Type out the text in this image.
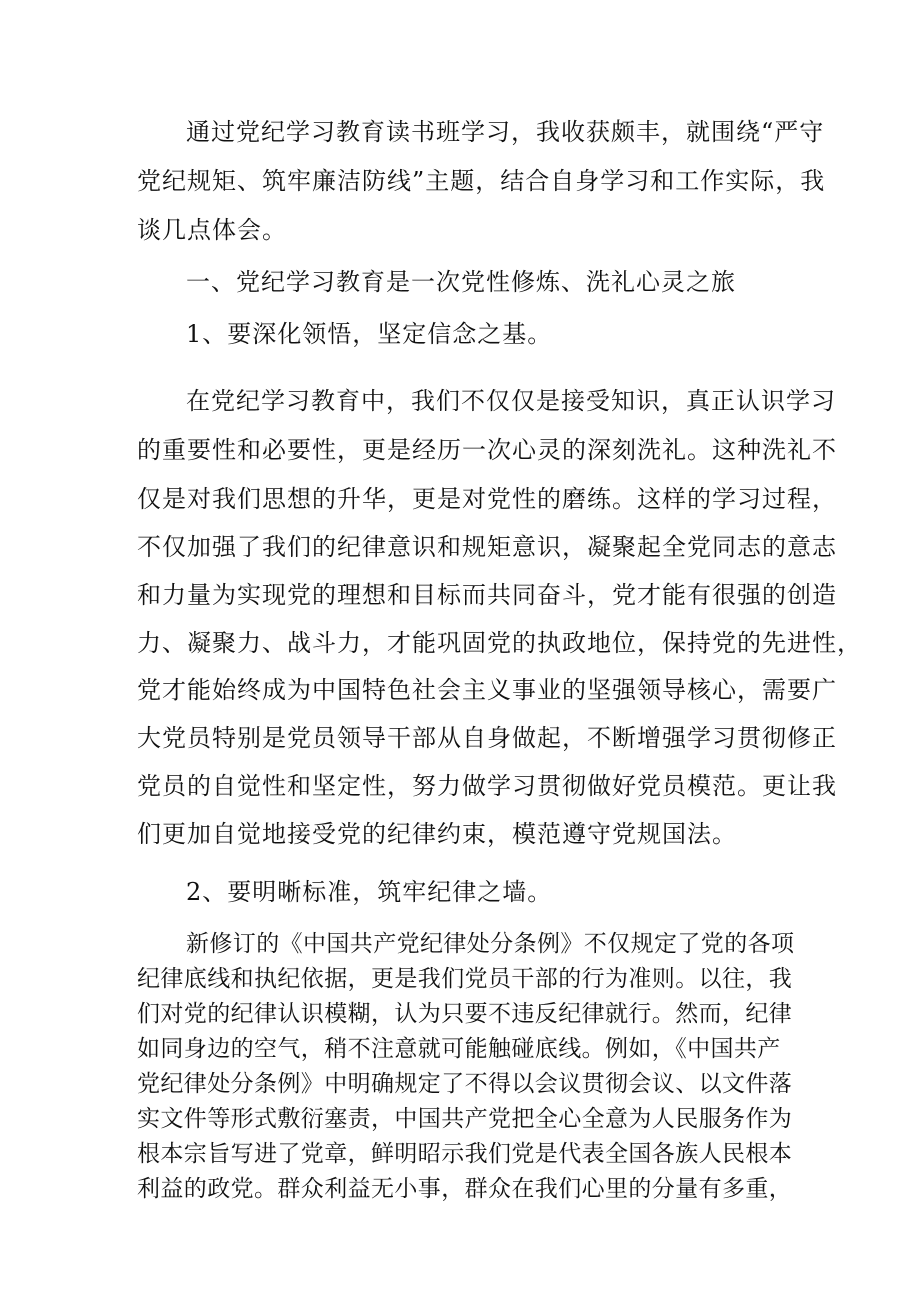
通过党纪学习教育读书班学习，我收获颇丰，就围绕“严守
党纪规矩、筑牢廉洁防线”主题，结合自身学习和工作实际，我
谈几点体会。
一、党纪学习教育是一次党性修炼、洗礼心灵之旅
1、要深化领悟，坚定信念之基。
在党纪学习教育中，我们不仅仅是接受知识，真正认识学习
的重要性和必要性，更是经历一次心灵的深刻洗礼。这种洗礼不
仅是对我们思想的升华，更是对党性的磨练。这样的学习过程，
不仅加强了我们的纪律意识和规矩意识，凝聚起全党同志的意志
和力量为实现党的理想和目标而共同奋斗，党才能有很强的创造
力、凝聚力、战斗力，才能巩固党的执政地位，保持党的先进性，
党才能始终成为中国特色社会主义事业的坚强领导核心，需要广
大党员特别是党员领导干部从自身做起，不断增强学习贯彻修正
党员的自觉性和坚定性，努力做学习贯彻做好党员模范。更让我
们更加自觉地接受党的纪律约束，模范遵守党规国法。
2、要明晰标准，筑牢纪律之墙。
新修订的《中国共产党纪律处分条例》不仅规定了党的各项
纪律底线和执纪依据，更是我们党员干部的行为准则。以往，我
们对党的纪律认识模糊，认为只要不违反纪律就行。然而，纪律
如同身边的空气，稍不注意就可能触碰底线。例如，《中国共产
党纪律处分条例》中明确规定了不得以会议贯彻会议、以文件落
实文件等形式敷衍塞责，中国共产党把全心全意为人民服务作为
根本宗旨写进了党章，鲜明昭示我们党是代表全国各族人民根本
利益的政党。群众利益无小事，群众在我们心里的分量有多重，
